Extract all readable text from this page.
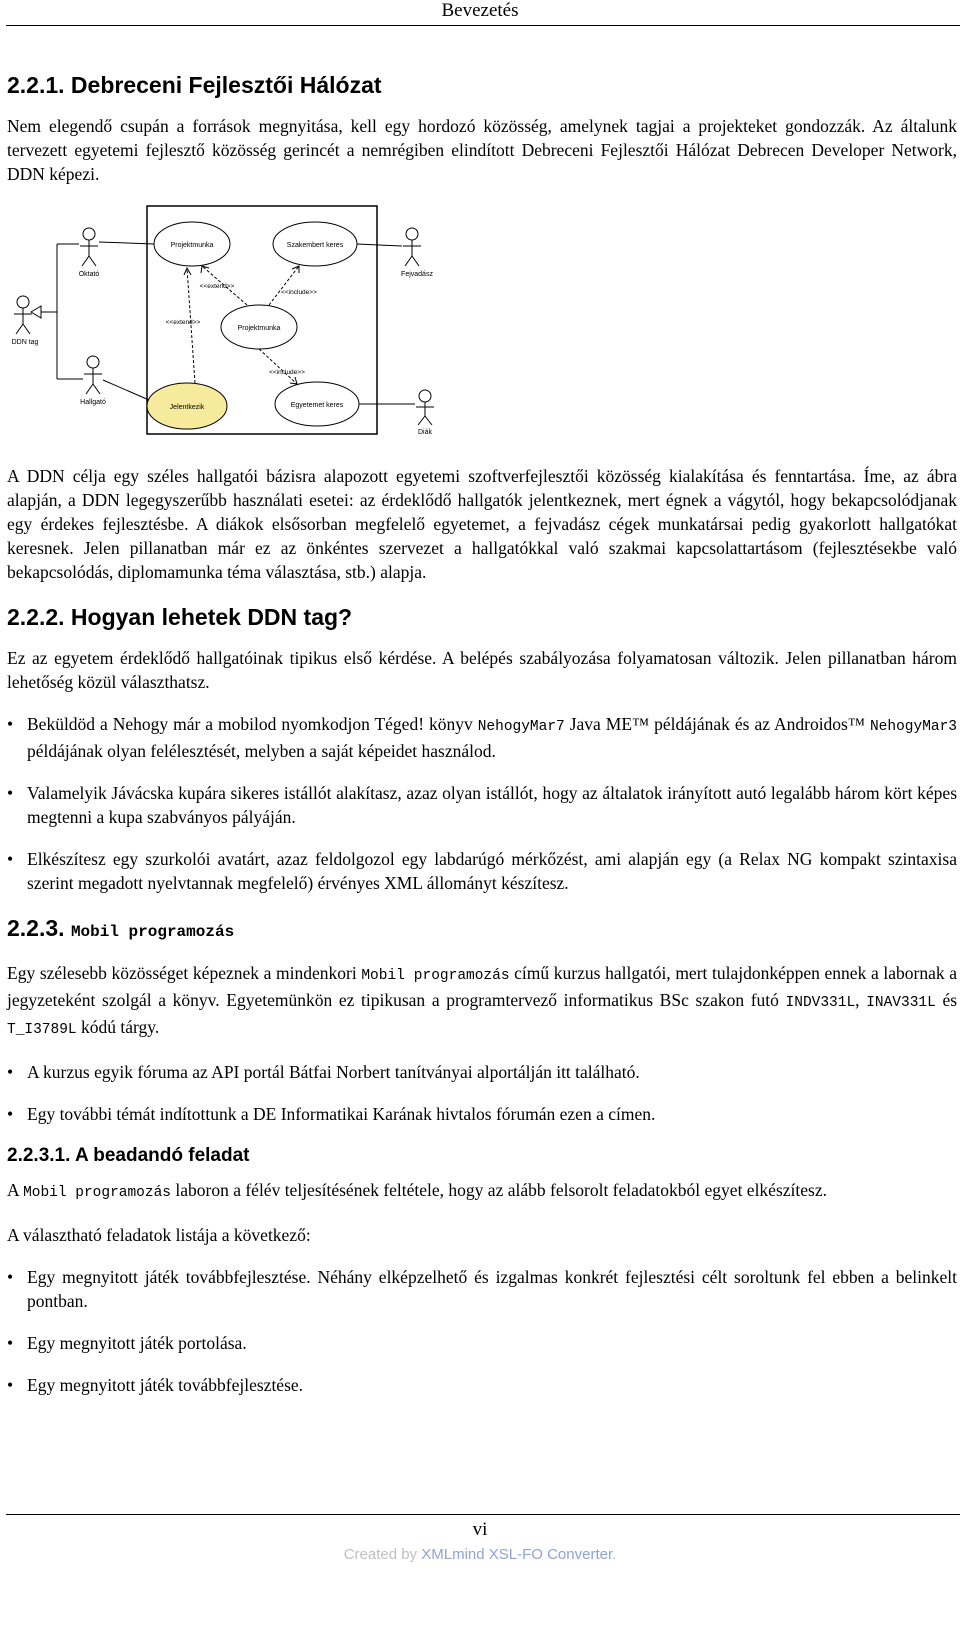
Bevezetés
2.2.1. Debreceni Fejlesztői Hálózat

Nem elegendő csupán a források megnyitása, kell egy hordozó közösség, amelynek tagjai a projekteket gondozzák. Az általunk tervezett egyetemi fejlesztő közösség gerincét a nemrégiben elindított Debreceni Fejlesztői Hálózat Debrecen Developer Network, DDN képezi.

Oktató	Fejvadász
DDN tag
Hallgató
Diák
Projektmunka	Szakembert keres
Projektmunka
Jelentkezik	Egyetemet keres
<<extend>>
<<include>>
<<extend>>
<<include>>

A DDN célja egy széles hallgatói bázisra alapozott egyetemi szoftverfejlesztői közösség kialakítása és fenntartása. Íme, az ábra alapján, a DDN legegyszerűbb használati esetei: az érdeklődő hallgatók jelentkeznek, mert égnek a vágytól, hogy bekapcsolódjanak egy érdekes fejlesztésbe. A diákok elsősorban megfelelő egyetemet, a fejvadász cégek munkatársai pedig gyakorlott hallgatókat keresnek. Jelen pillanatban már ez az önkéntes szervezet a hallgatókkal való szakmai kapcsolattartásom (fejlesztésekbe való bekapcsolódás, diplomamunka téma választása, stb.) alapja.

2.2.2. Hogyan lehetek DDN tag?

Ez az egyetem érdeklődő hallgatóinak tipikus első kérdése. A belépés szabályozása folyamatosan változik. Jelen pillanatban három lehetőség közül választhatsz.

• Beküldöd a Nehogy már a mobilod nyomkodjon Téged! könyv NehogyMar7 Java ME™ példájának és az Androidos™ NehogyMar3 példájának olyan felélesztését, melyben a saját képeidet használod.
• Valamelyik Jávácska kupára sikeres istállót alakítasz, azaz olyan istállót, hogy az általatok irányított autó legalább három kört képes megtenni a kupa szabványos pályáján.
• Elkészítesz egy szurkolói avatárt, azaz feldolgozol egy labdarúgó mérkőzést, ami alapján egy (a Relax NG kompakt szintaxisa szerint megadott nyelvtannak megfelelő) érvényes XML állományt készítesz.
2.2.3. Mobil programozás

Egy szélesebb közösséget képeznek a mindenkori Mobil programozás című kurzus hallgatói, mert tulajdonképpen ennek a labornak a jegyzeteként szolgál a könyv. Egyetemünkön ez tipikusan a programtervező informatikus BSc szakon futó INDV331L, INAV331L és T_I3789L kódú tárgy.

• A kurzus egyik fóruma az API portál Bátfai Norbert tanítványai alportálján itt található.
• Egy további témát indítottunk a DE Informatikai Karának hivtalos fórumán ezen a címen.
2.2.3.1. A beadandó feladat

A Mobil programozás laboron a félév teljesítésének feltétele, hogy az alább felsorolt feladatokból egyet elkészítesz.

A választható feladatok listája a következő:

• Egy megnyitott játék továbbfejlesztése. Néhány elképzelhető és izgalmas konkrét fejlesztési célt soroltunk fel ebben a belinkelt pontban.
• Egy megnyitott játék portolása.
• Egy megnyitott játék továbbfejlesztése.
vi
Created by XMLmind XSL-FO Converter.
